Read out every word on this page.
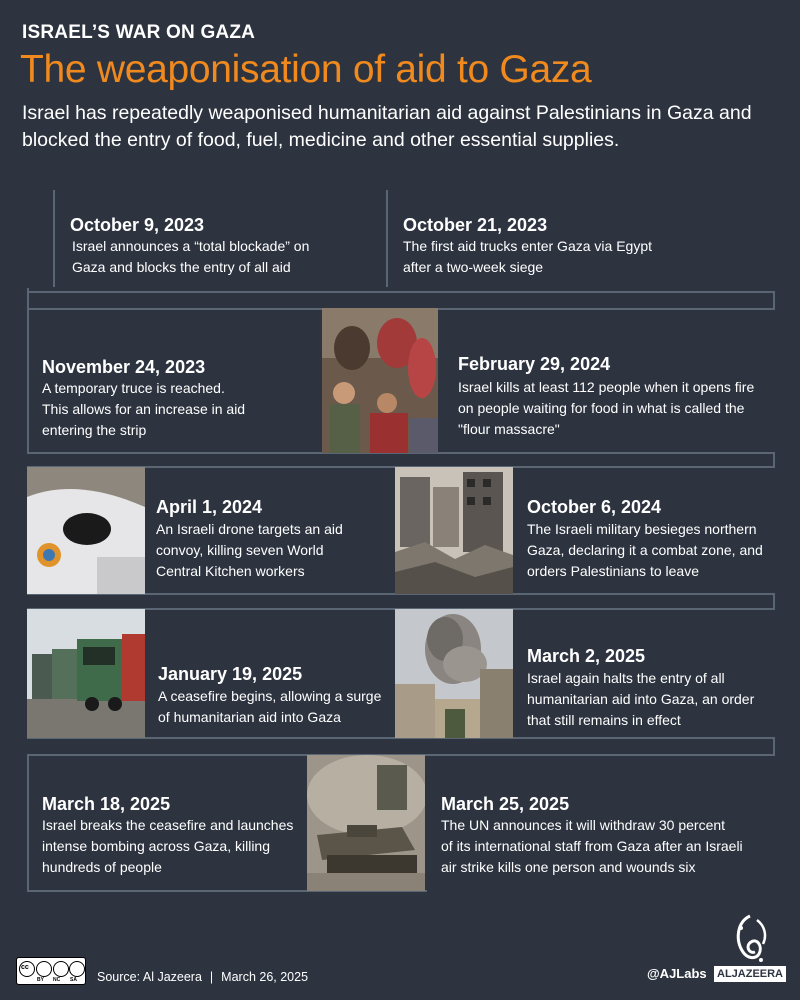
ISRAEL’S WAR ON GAZA
The weaponisation of aid to Gaza
Israel has repeatedly weaponised humanitarian aid against Palestinians in Gaza and blocked the entry of food, fuel, medicine and other essential supplies.
October 9, 2023
Israel announces a “total blockade” on
Gaza and blocks the entry of all aid
October 21, 2023
The first aid trucks enter Gaza via Egypt
after a two-week siege
November 24, 2023
A temporary truce is reached.
This allows for an increase in aid
entering the strip
February 29, 2024
Israel kills at least 112 people when it opens fire
on people waiting for food in what is called the
"flour massacre"
April 1, 2024
An Israeli drone targets an aid
convoy, killing seven World
Central Kitchen workers
October 6, 2024
The Israeli military besieges northern
Gaza, declaring it a combat zone, and
orders Palestinians to leave
January 19, 2025
A ceasefire begins, allowing a surge
of humanitarian aid into Gaza
March 2, 2025
Israel again halts the entry of all
humanitarian aid into Gaza, an order
that still remains in effect
March 18, 2025
Israel breaks the ceasefire and launches
intense bombing across Gaza, killing
hundreds of people
March 25, 2025
The UN announces it will withdraw 30 percent
of its international staff from Gaza after an Israeli
air strike kills one person and wounds six
cc
BY NC SA Source: Al Jazeera | March 26, 2025	@AJLabs ALJAZEERA
